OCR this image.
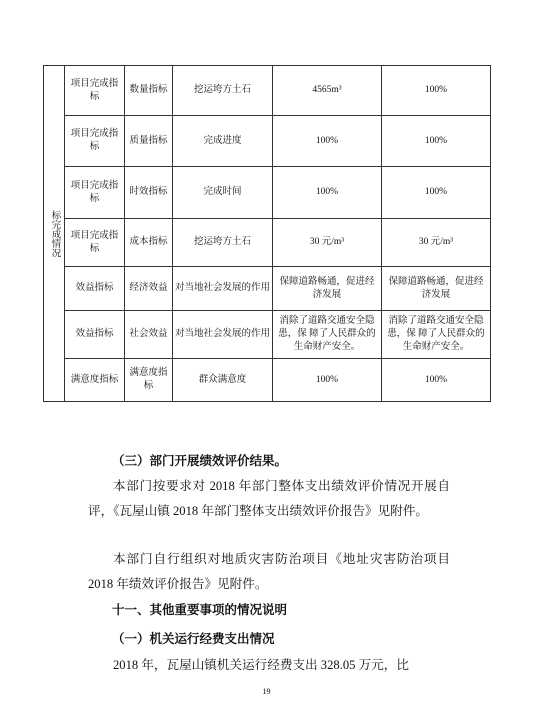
标完成情况	项目完成指标	数量指标	挖运垮方土石	4565m³	100%
	项目完成指标	质量指标	完成进度	100%	100%
	项目完成指标	时效指标	完成时间	100%	100%
	项目完成指标	成本指标	挖运垮方土石	30 元/m³	30 元/m³
	效益指标	经济效益	对当地社会发展的作用	保障道路畅通，促进经济发展	保障道路畅通，促进经济发展
	效益指标	社会效益	对当地社会发展的作用	消除了道路交通安全隐患，保 障了人民群众的生命财产安全。	消除了道路交通安全隐患，保 障了人民群众的生命财产安全。
	满意度指标	满意度指标	群众满意度	100%	100%
（三）部门开展绩效评价结果。
本部门按要求对 2018 年部门整体支出绩效评价情况开展自评，《瓦屋山镇 2018 年部门整体支出绩效评价报告》见附件。
本部门自行组织对地质灾害防治项目《地址灾害防治项目 2018 年绩效评价报告》见附件。
十一、其他重要事项的情况说明
（一）机关运行经费支出情况
2018 年，瓦屋山镇机关运行经费支出 328.05 万元，比
19
